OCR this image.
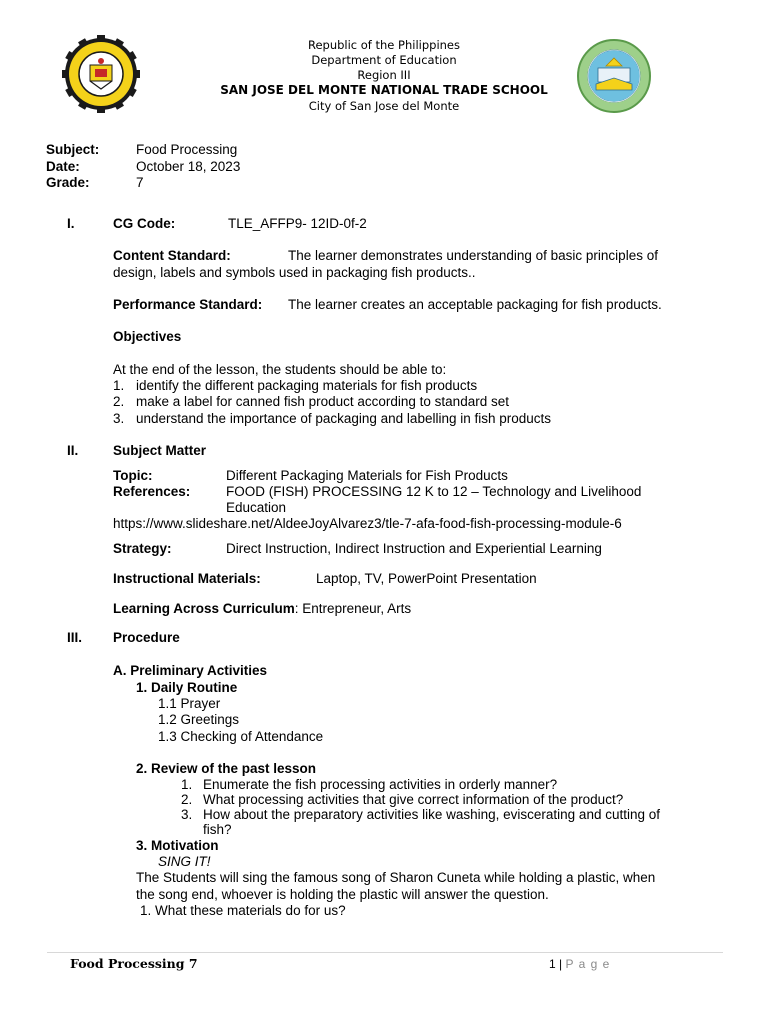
Republic of the Philippines
Department of Education
Region III
SAN JOSE DEL MONTE NATIONAL TRADE SCHOOL
City of San Jose del Monte
Subject:	Food Processing
Date:	October 18, 2023
Grade:	7
I.	CG Code:	TLE_AFFP9- 12ID-0f-2
Content Standard:	The learner demonstrates understanding of basic principles of
design, labels and symbols used in packaging fish products..
Performance Standard: The learner creates an acceptable packaging for fish products.
Objectives
At the end of the lesson, the students should be able to:
1. identify the different packaging materials for fish products
2. make a label for canned fish product according to standard set
3. understand the importance of packaging and labelling in fish products
II.	Subject Matter
Topic:	Different Packaging Materials for Fish Products
References:	FOOD (FISH) PROCESSING 12 K to 12 – Technology and Livelihood
Education
https://www.slideshare.net/AldeeJoyAlvarez3/tle-7-afa-food-fish-processing-module-6
Strategy:	Direct Instruction, Indirect Instruction and Experiential Learning
Instructional Materials:	Laptop, TV, PowerPoint Presentation
Learning Across Curriculum: Entrepreneur, Arts
III. Procedure
A. Preliminary Activities
1. Daily Routine
1.1 Prayer
1.2 Greetings
1.3 Checking of Attendance
2. Review of the past lesson
1. Enumerate the fish processing activities in orderly manner?
2. What processing activities that give correct information of the product?
3. How about the preparatory activities like washing, eviscerating and cutting of
fish?
3. Motivation
SING IT!
The Students will sing the famous song of Sharon Cuneta while holding a plastic, when
the song end, whoever is holding the plastic will answer the question.
1. What these materials do for us?
Food Processing 7	1 | P a g e
